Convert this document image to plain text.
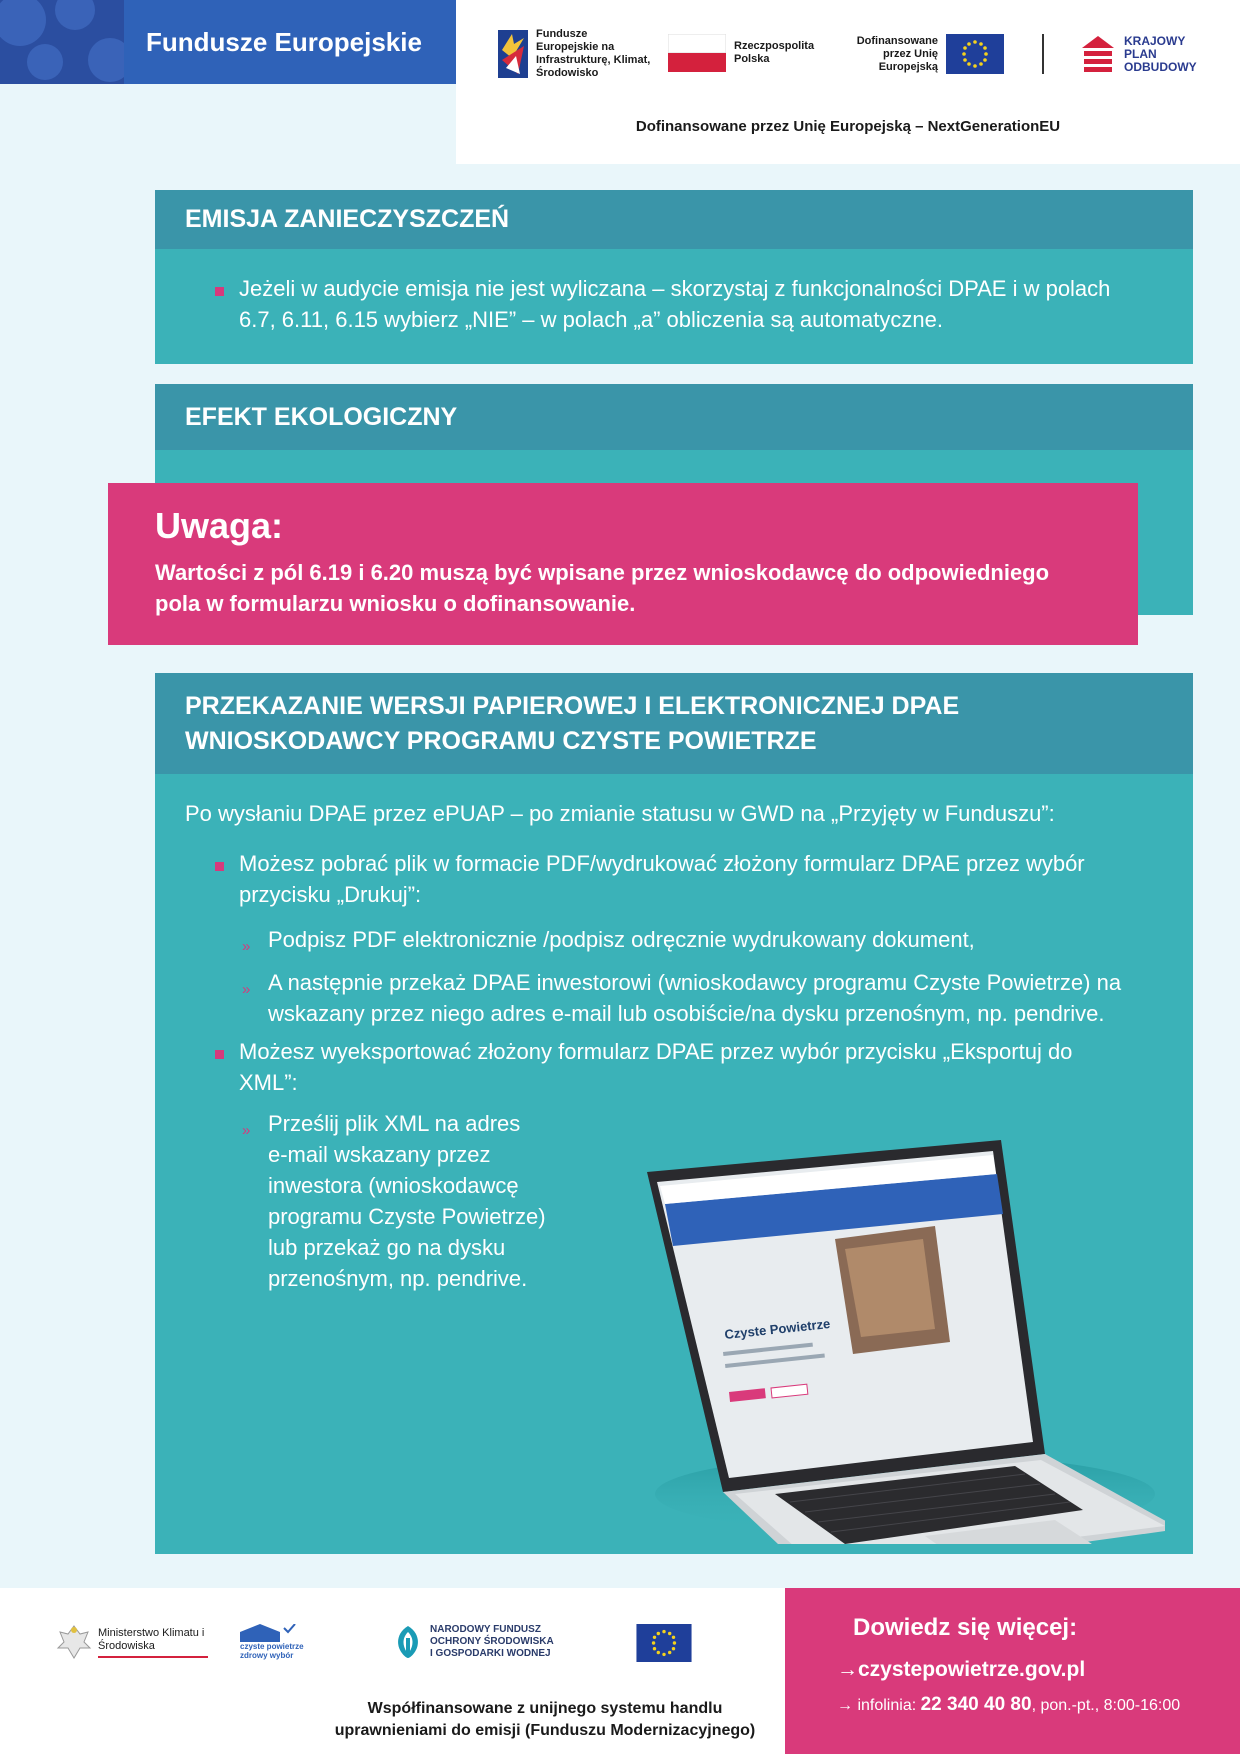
Fundusze Europejskie	Fundusze Europejskie na Infrastrukturę, Klimat, Środowisko
Rzeczpospolita Polska
Dofinansowane przez Unię Europejską
KRAJOWY
PLAN
ODBUDOWY
Dofinansowane przez Unię Europejską – NextGenerationEU
EMISJA ZANIECZYSZCZEŃ
Jeżeli w audycie emisja nie jest wyliczana – skorzystaj z funkcjonalności DPAE i w polach
6.7, 6.11, 6.15 wybierz „NIE” – w polach „a” obliczenia są automatyczne.
EFEKT EKOLOGICZNY
Uwaga:
Wartości z pól 6.19 i 6.20 muszą być wpisane przez wnioskodawcę do odpowiedniego
pola w formularzu wniosku o dofinansowanie.
PRZEKAZANIE WERSJI PAPIEROWEJ I ELEKTRONICZNEJ DPAE
WNIOSKODAWCY PROGRAMU CZYSTE POWIETRZE
Po wysłaniu DPAE przez ePUAP – po zmianie statusu w GWD na „Przyjęty w Funduszu”:
Możesz pobrać plik w formacie PDF/wydrukować złożony formularz DPAE przez wybór
przycisku „Drukuj”:
» Podpisz PDF elektronicznie /podpisz odręcznie wydrukowany dokument,
» A następnie przekaż DPAE inwestorowi (wnioskodawcy programu Czyste Powietrze) na
wskazany przez niego adres e-mail lub osobiście/na dysku przenośnym, np. pendrive.
Możesz wyeksportować złożony formularz DPAE przez wybór przycisku „Eksportuj do
XML”:
» Prześlij plik XML na adres
e-mail wskazany przez
inwestora (wnioskodawcę
programu Czyste Powietrze)
lub przekaż go na dysku
przenośnym, np. pendrive.
Czyste Powietrze
Ministerstwo Klimatu i Środowiska	czyste powietrze
zdrowy wybór
NARODOWY FUNDUSZ
OCHRONY ŚRODOWISKA
I GOSPODARKI WODNEJ
Współfinansowane z unijnego systemu handlu
uprawnieniami do emisji (Funduszu Modernizacyjnego)
Dowiedz się więcej:
→czystepowietrze.gov.pl
→ infolinia: 22 340 40 80, pon.-pt., 8:00-16:00
